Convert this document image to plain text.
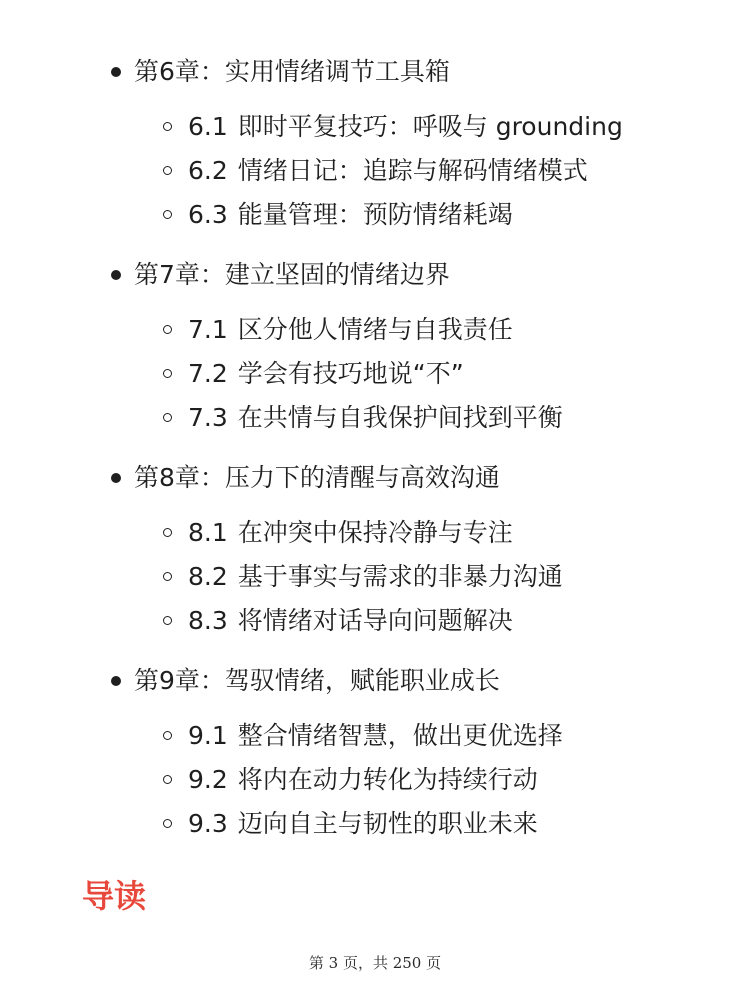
第6章：实用情绪调节工具箱
6.1 即时平复技巧：呼吸与 grounding
6.2 情绪日记：追踪与解码情绪模式
6.3 能量管理：预防情绪耗竭
第7章：建立坚固的情绪边界
7.1 区分他人情绪与自我责任
7.2 学会有技巧地说“不”
7.3 在共情与自我保护间找到平衡
第8章：压力下的清醒与高效沟通
8.1 在冲突中保持冷静与专注
8.2 基于事实与需求的非暴力沟通
8.3 将情绪对话导向问题解决
第9章：驾驭情绪，赋能职业成长
9.1 整合情绪智慧，做出更优选择
9.2 将内在动力转化为持续行动
9.3 迈向自主与韧性的职业未来
导读
第 3 页，共 250 页
